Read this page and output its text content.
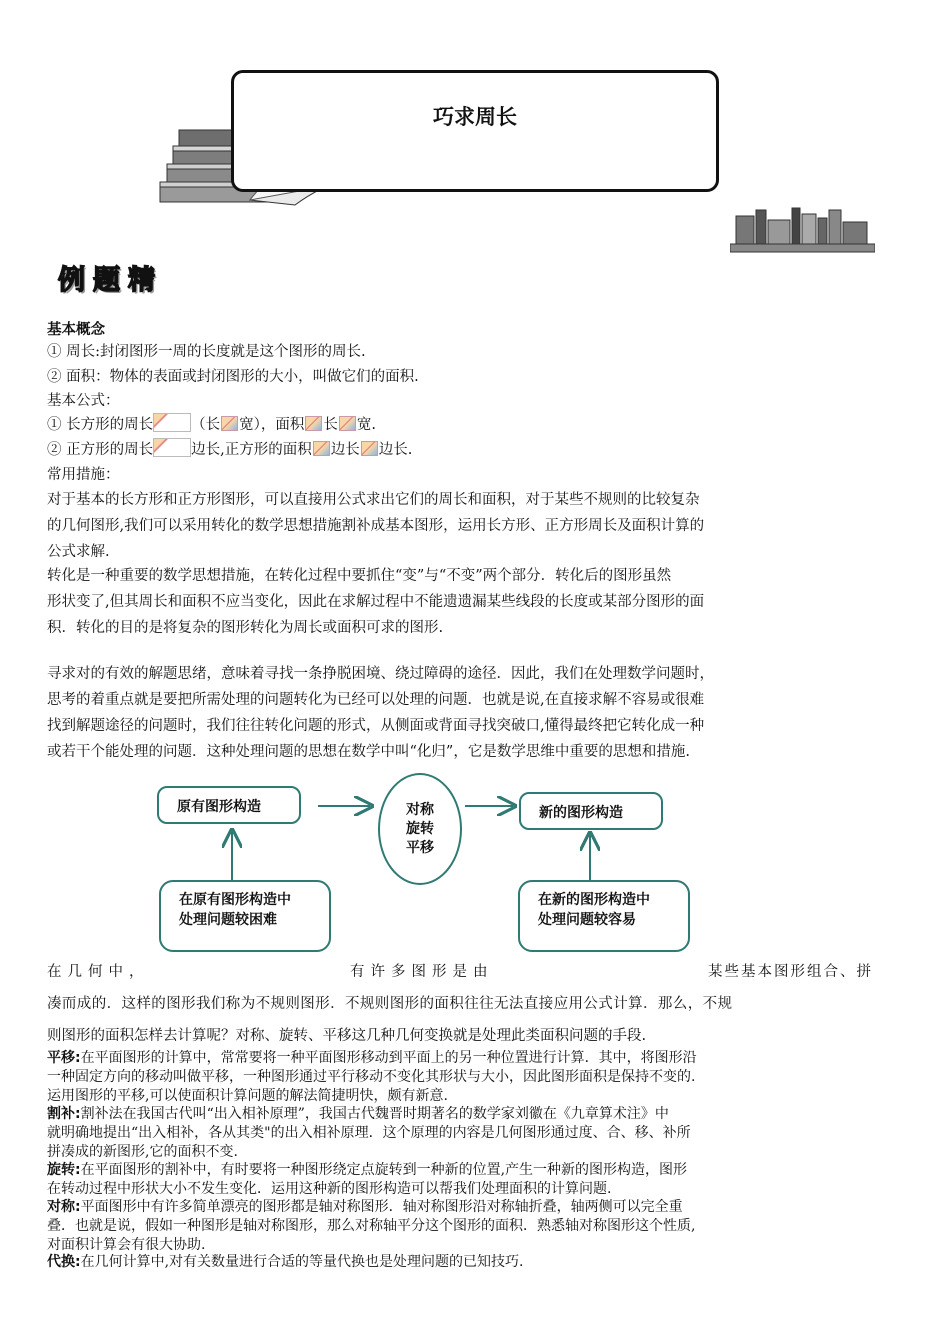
巧求周长
例题精
基本概念
① 周长:封闭图形一周的长度就是这个图形的周长.
② 面积：物体的表面或封闭图形的大小，叫做它们的面积.
基本公式：
① 长方形的周长	（长 宽），面积 长 宽.
② 正方形的周长	边长,正方形的面积 边长 边长.
常用措施：
对于基本的长方形和正方形图形，可以直接用公式求出它们的周长和面积，对于某些不规则的比较复杂
的几何图形,我们可以采用转化的数学思想措施割补成基本图形，运用长方形、正方形周长及面积计算的
公式求解.
转化是一种重要的数学思想措施，在转化过程中要抓住“变”与“不变”两个部分．转化后的图形虽然
形状变了,但其周长和面积不应当变化，因此在求解过程中不能遗遗漏某些线段的长度或某部分图形的面
积．转化的目的是将复杂的图形转化为周长或面积可求的图形.
寻求对的有效的解题思绪，意味着寻找一条挣脱困境、绕过障碍的途径．因此，我们在处理数学问题时，
思考的着重点就是要把所需处理的问题转化为已经可以处理的问题．也就是说,在直接求解不容易或很难
找到解题途径的问题时，我们往往转化问题的形式，从侧面或背面寻找突破口,懂得最终把它转化成一种
或若干个能处理的问题．这种处理问题的思想在数学中叫“化归”，它是数学思维中重要的思想和措施.
原有图形构造	对称
旋转
平移
新的图形构造
在原有图形构造中
处理问题较困难
在新的图形构造中
处理问题较容易
在几何中，	有许多图形是由	某些基本图形组合、拼
凑而成的．这样的图形我们称为不规则图形．不规则图形的面积往往无法直接应用公式计算．那么，不规
则图形的面积怎样去计算呢？对称、旋转、平移这几种几何变换就是处理此类面积问题的手段.
平移:在平面图形的计算中，常常要将一种平面图形移动到平面上的另一种位置进行计算．其中，将图形沿
一种固定方向的移动叫做平移，一种图形通过平行移动不变化其形状与大小，因此图形面积是保持不变的.
运用图形的平移,可以使面积计算问题的解法简捷明快，颇有新意.
割补:割补法在我国古代叫“出入相补原理”，我国古代魏晋时期著名的数学家刘徽在《九章算术注》中
就明确地提出“出入相补，各从其类"的出入相补原理．这个原理的内容是几何图形通过度、合、移、补所
拼凑成的新图形,它的面积不变.
旋转:在平面图形的割补中，有时要将一种图形绕定点旋转到一种新的位置,产生一种新的图形构造，图形
在转动过程中形状大小不发生变化．运用这种新的图形构造可以帮我们处理面积的计算问题.
对称:平面图形中有许多简单漂亮的图形都是轴对称图形．轴对称图形沿对称轴折叠，轴两侧可以完全重
叠．也就是说，假如一种图形是轴对称图形，那么对称轴平分这个图形的面积．熟悉轴对称图形这个性质,
对面积计算会有很大协助.
代换:在几何计算中,对有关数量进行合适的等量代换也是处理问题的已知技巧.
